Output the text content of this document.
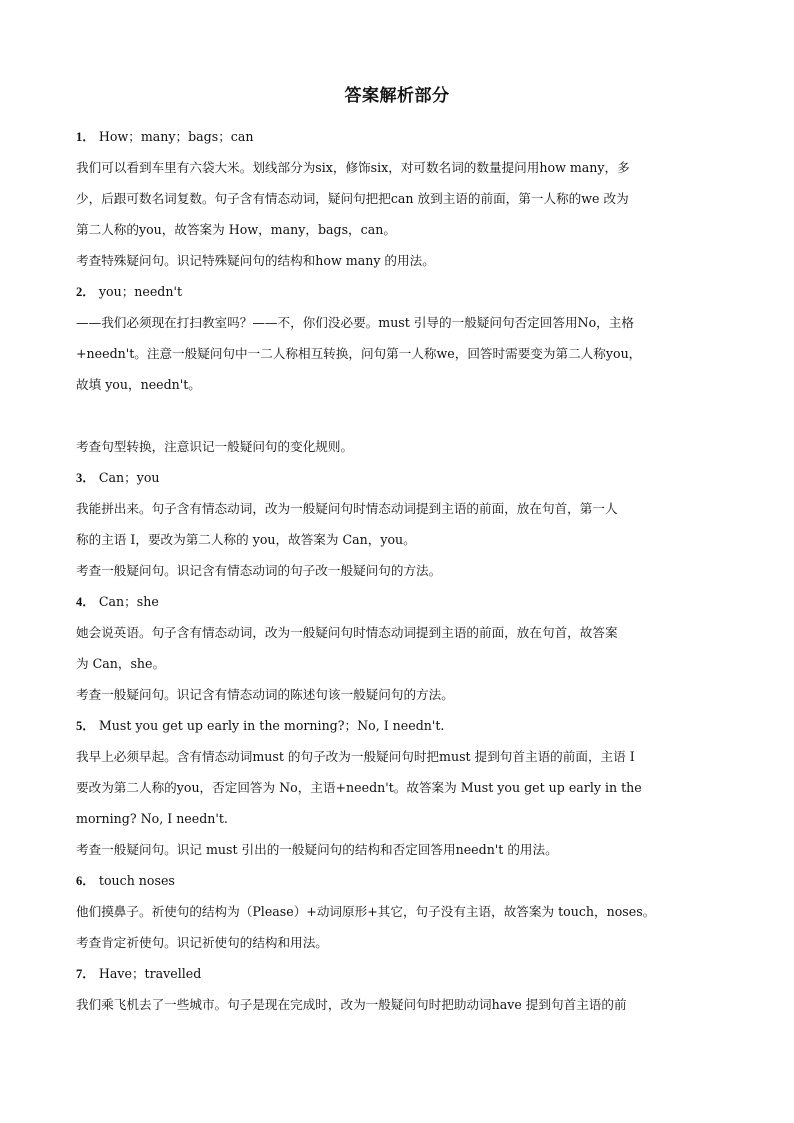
答案解析部分
1． How；many；bags；can
我们可以看到车里有六袋大米。划线部分为six，修饰six，对可数名词的数量提问用how many，多
少，后跟可数名词复数。句子含有情态动词，疑问句把把can 放到主语的前面，第一人称的we 改为
第二人称的you，故答案为 How，many，bags，can。
考查特殊疑问句。识记特殊疑问句的结构和how many 的用法。
2． you；needn't
——我们必须现在打扫教室吗？——不，你们没必要。must 引导的一般疑问句否定回答用No，主格
+needn't。注意一般疑问句中一二人称相互转换，问句第一人称we，回答时需要变为第二人称you，
故填 you，needn't。
考查句型转换，注意识记一般疑问句的变化规则。
3． Can；you
我能拼出来。句子含有情态动词，改为一般疑问句时情态动词提到主语的前面，放在句首，第一人
称的主语 I，要改为第二人称的 you，故答案为 Can，you。
考查一般疑问句。识记含有情态动词的句子改一般疑问句的方法。
4． Can；she
她会说英语。句子含有情态动词，改为一般疑问句时情态动词提到主语的前面，放在句首，故答案
为 Can，she。
考查一般疑问句。识记含有情态动词的陈述句该一般疑问句的方法。
5． Must you get up early in the morning?；No, I needn't.
我早上必须早起。含有情态动词must 的句子改为一般疑问句时把must 提到句首主语的前面，主语 I
要改为第二人称的you，否定回答为 No，主语+needn't。故答案为 Must you get up early in the
morning? No, I needn't.
考查一般疑问句。识记 must 引出的一般疑问句的结构和否定回答用needn't 的用法。
6． touch noses
他们摸鼻子。祈使句的结构为（Please）+动词原形+其它，句子没有主语，故答案为 touch，noses。
考查肯定祈使句。识记祈使句的结构和用法。
7． Have；travelled
我们乘飞机去了一些城市。句子是现在完成时，改为一般疑问句时把助动词have 提到句首主语的前
